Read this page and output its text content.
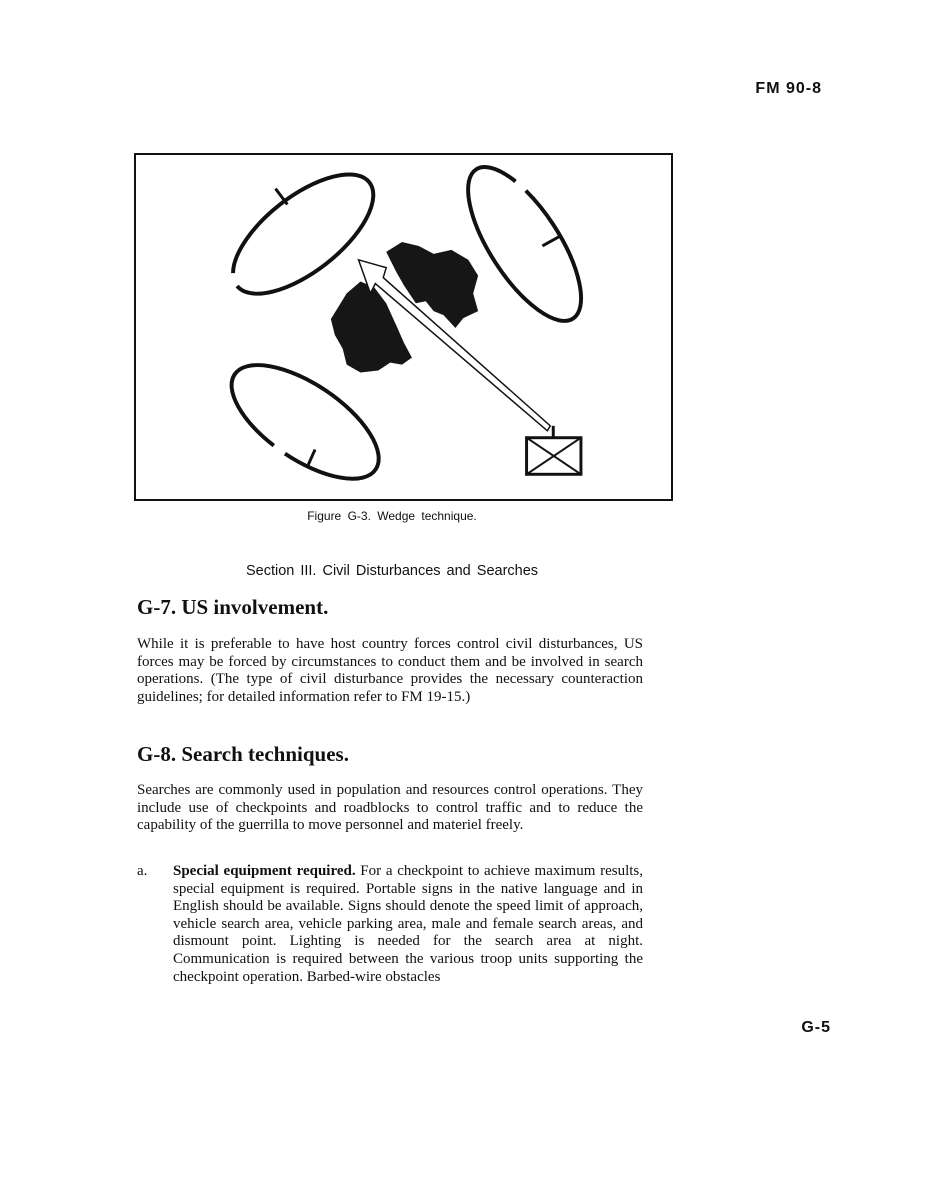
FM 90-8
Figure G-3. Wedge technique.
Section III. Civil Disturbances and Searches
G-7. US involvement.
While it is preferable to have host country forces control civil disturbances, US forces may be forced by circumstances to conduct them and be involved in search operations. (The type of civil disturbance provides the necessary counteraction guidelines; for detailed information refer to FM 19-15.)
G-8. Search techniques.
Searches are commonly used in population and resources control operations. They include use of checkpoints and roadblocks to control traffic and to reduce the capability of the guerrilla to move personnel and materiel freely.
a. Special equipment required. For a checkpoint to achieve maximum results, special equipment is required. Portable signs in the native language and in English should be available. Signs should denote the speed limit of approach, vehicle search area, vehicle parking area, male and female search areas, and dismount point. Lighting is needed for the search area at night. Communication is required between the various troop units supporting the checkpoint operation. Barbed-wire obstacles
G-5
